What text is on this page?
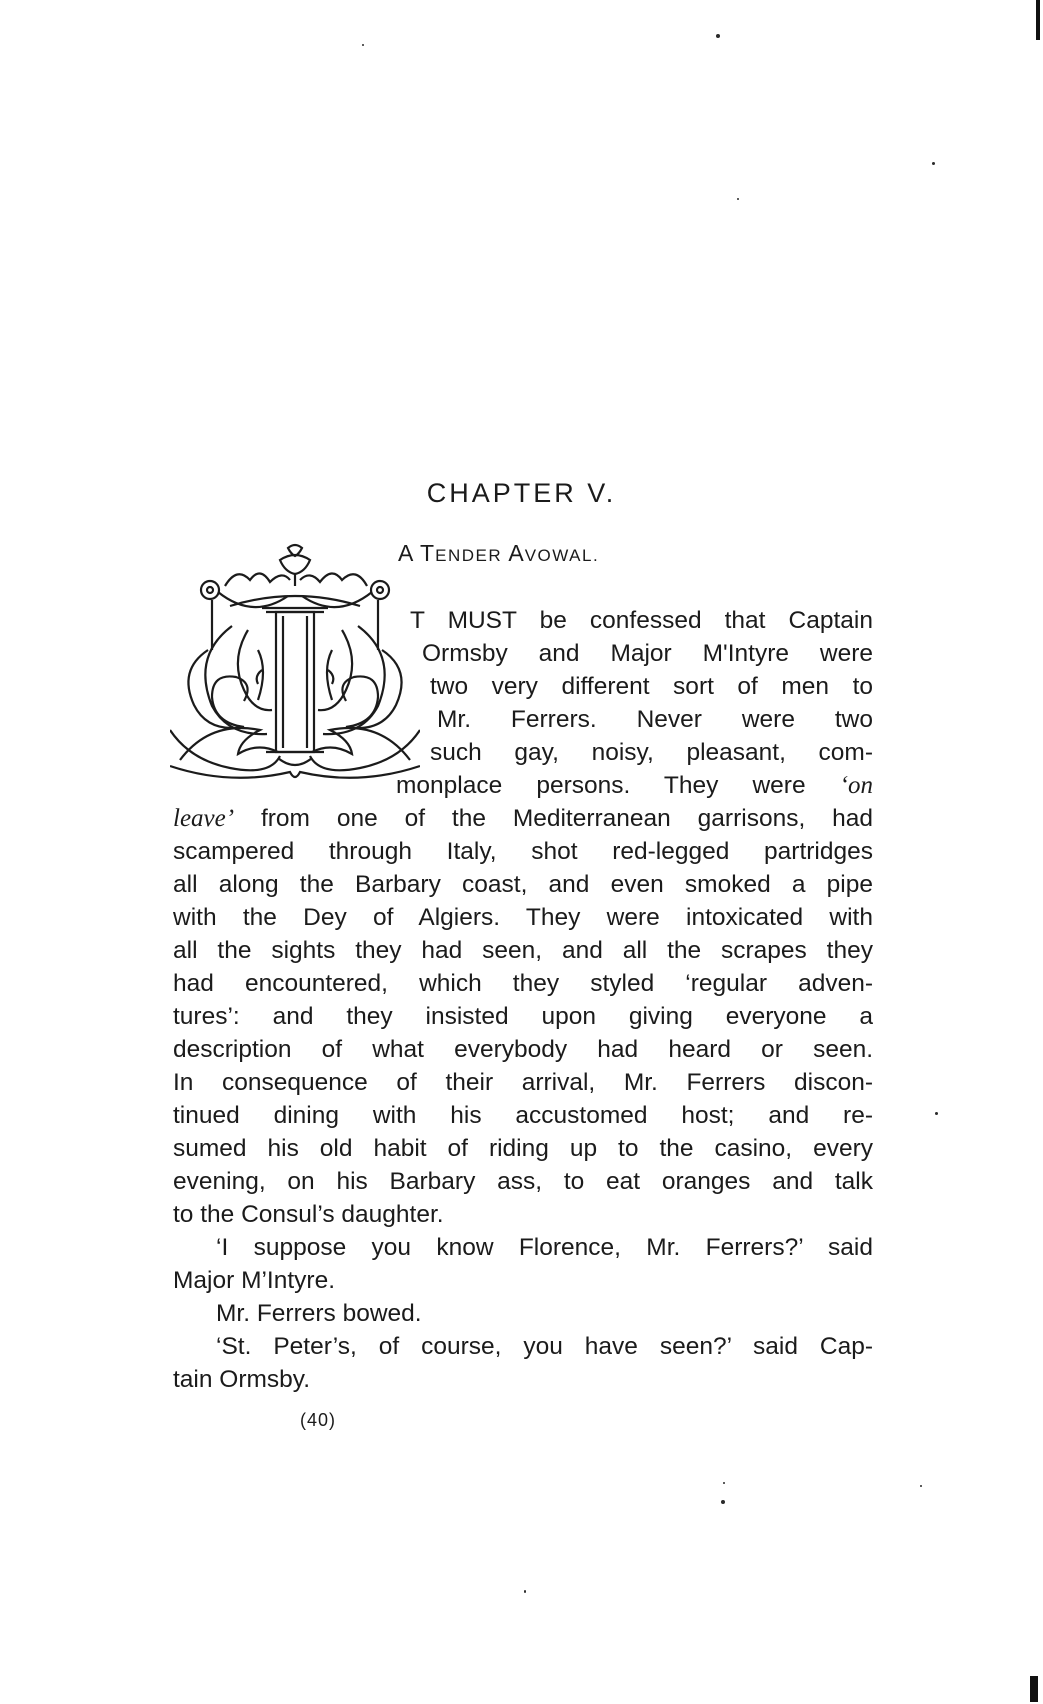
CHAPTER V.
A TENDER AVOWAL.
T MUST be confessed that Captain
Ormsby and Major M'Intyre were
two very different sort of men to
Mr. Ferrers. Never were two
such gay, noisy, pleasant, com-
monplace persons. They were ‘on
leave’ from one of the Mediterranean garrisons, had
scampered through Italy, shot red-legged partridges
all along the Barbary coast, and even smoked a pipe
with the Dey of Algiers. They were intoxicated with
all the sights they had seen, and all the scrapes they
had encountered, which they styled ‘regular adven-
tures’: and they insisted upon giving everyone a
description of what everybody had heard or seen.
In consequence of their arrival, Mr. Ferrers discon-
tinued dining with his accustomed host; and re-
sumed his old habit of riding up to the casino, every
evening, on his Barbary ass, to eat oranges and talk
to the Consul’s daughter.
‘I suppose you know Florence, Mr. Ferrers?’ said
Major M’Intyre.
Mr. Ferrers bowed.
‘St. Peter’s, of course, you have seen?’ said Cap-
tain Ormsby.
(40)
